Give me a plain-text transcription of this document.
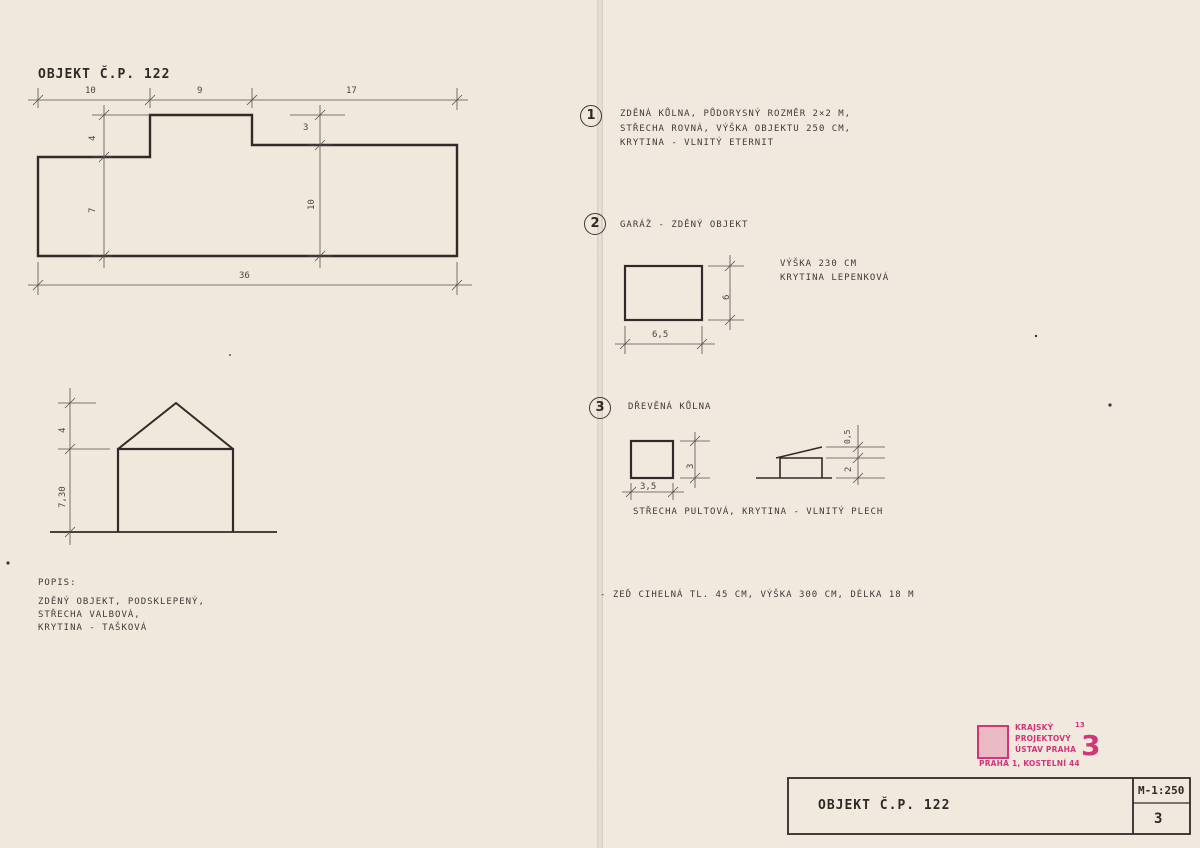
OBJEKT Č.P. 122
10	9	17
4
3
7
10
36
4
7,30
POPIS:
ZDĚNÝ OBJEKT, PODSKLEPENÝ,
STŘECHA VALBOVÁ,
KRYTINA - TAŠKOVÁ
1	ZDĚNÁ KŮLNA, PŮDORYSNÝ ROZMĚR 2×2 M,
STŘECHA ROVNÁ, VÝŠKA OBJEKTU 250 CM,
KRYTINA - VLNITÝ ETERNIT
2	GARÁŽ - ZDĚNÝ OBJEKT
VÝŠKA 230 CM
KRYTINA LEPENKOVÁ
6
6,5
3	DŘEVĚNÁ KŮLNA
3
3,5
0,5
2
STŘECHA PULTOVÁ, KRYTINA - VLNITÝ PLECH
- ZEĎ CIHELNÁ TL. 45 CM, VÝŠKA 300 CM, DÉLKA 18 M
KRAJSKÝ
PROJEKTOVÝ
ÚSTAV PRAHA
PRAHA 1, KOSTELNÍ 44
13
3
OBJEKT Č.P. 122
M-1:250
3
